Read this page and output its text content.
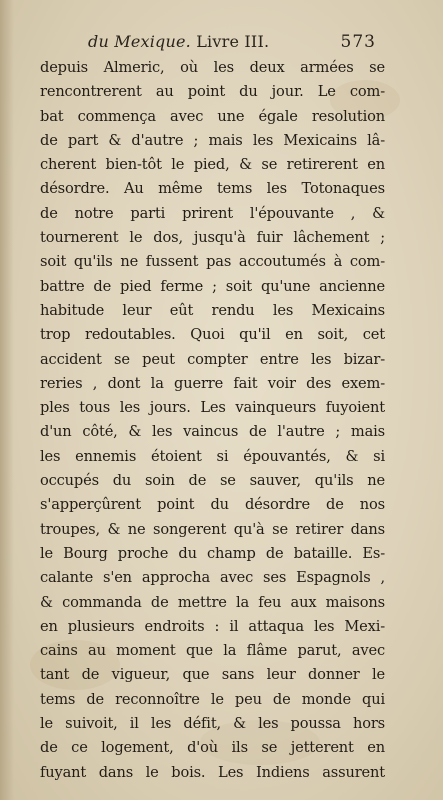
du Mexique. Livre III.	573
depuis Almeric, où les deux armées se
rencontrerent au point du jour. Le com-
bat commença avec une égale resolution
de part & d'autre ; mais les Mexicains lâ-
cherent bien-tôt le pied, & se retirerent en
désordre. Au même tems les Totonaques
de notre parti prirent l'épouvante , &
tournerent le dos, jusqu'à fuir lâchement ;
soit qu'ils ne fussent pas accoutumés à com-
battre de pied ferme ; soit qu'une ancienne
habitude leur eût rendu les Mexicains
trop redoutables. Quoi qu'il en soit, cet
accident se peut compter entre les bizar-
reries , dont la guerre fait voir des exem-
ples tous les jours. Les vainqueurs fuyoient
d'un côté, & les vaincus de l'autre ; mais
les ennemis étoient si épouvantés, & si
occupés du soin de se sauver, qu'ils ne
s'apperçûrent point du désordre de nos
troupes, & ne songerent qu'à se retirer dans
le Bourg proche du champ de bataille. Es-
calante s'en approcha avec ses Espagnols ,
& commanda de mettre la feu aux maisons
en plusieurs endroits : il attaqua les Mexi-
cains au moment que la flâme parut, avec
tant de vigueur, que sans leur donner le
tems de reconnoître le peu de monde qui
le suivoit, il les défit, & les poussa hors
de ce logement, d'où ils se jetterent en
fuyant dans le bois. Les Indiens assurent
